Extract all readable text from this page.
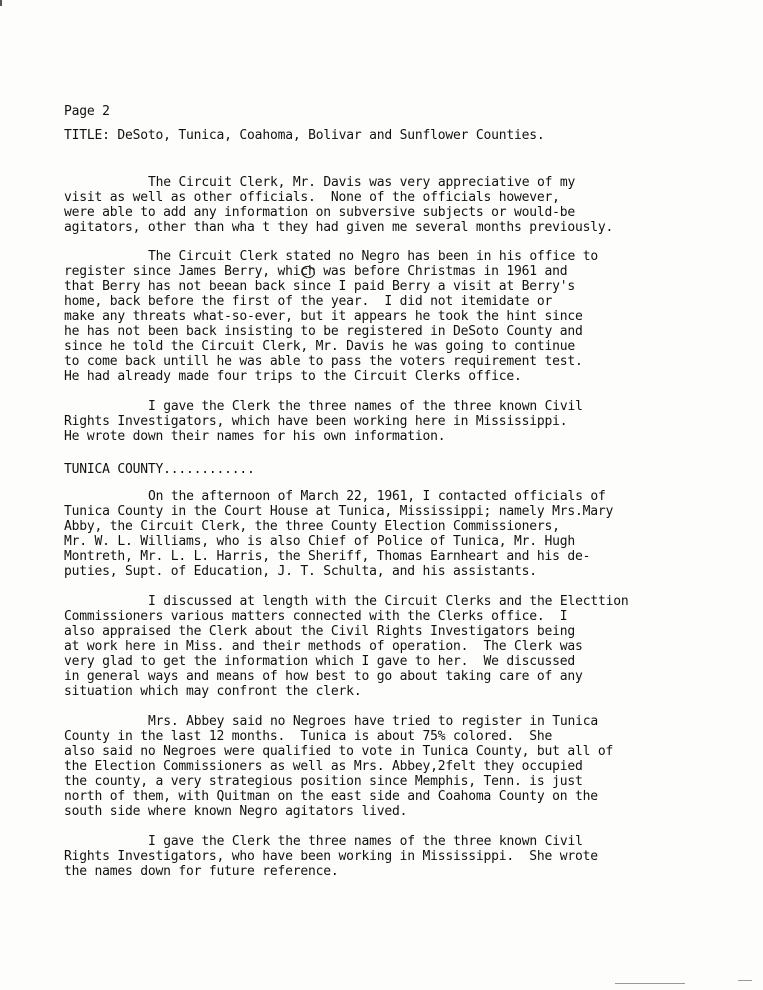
Page 2

TITLE: DeSoto, Tunica, Coahoma, Bolivar and Sunflower Counties.

The Circuit Clerk, Mr. Davis was very appreciative of my

visit as well as other officials.  None of the officials however,

were able to add any information on subversive subjects or would-be

agitators, other than wha t they had given me several months previously.

The Circuit Clerk stated no Negro has been in his office to

register since James Berry, which was before Christmas in 1961 and

that Berry has not beean back since I paid Berry a visit at Berry's

home, back before the first of the year.  I did not itemidate or

make any threats what-so-ever, but it appears he took the hint since

he has not been back insisting to be registered in DeSoto County and

since he told the Circuit Clerk, Mr. Davis he was going to continue

to come back untill he was able to pass the voters requirement test.

He had already made four trips to the Circuit Clerks office.

I gave the Clerk the three names of the three known Civil

Rights Investigators, which have been working here in Mississippi.

He wrote down their names for his own information.

TUNICA COUNTY............

On the afternoon of March 22, 1961, I contacted officials of

Tunica County in the Court House at Tunica, Mississippi; namely Mrs.Mary

Abby, the Circuit Clerk, the three County Election Commissioners,

Mr. W. L. Williams, who is also Chief of Police of Tunica, Mr. Hugh

Montreth, Mr. L. L. Harris, the Sheriff, Thomas Earnheart and his de-

puties, Supt. of Education, J. T. Schulta, and his assistants.

I discussed at length with the Circuit Clerks and the Electtion

Commissioners various matters connected with the Clerks office.  I

also appraised the Clerk about the Civil Rights Investigators being

at work here in Miss. and their methods of operation.  The Clerk was

very glad to get the information which I gave to her.  We discussed

in general ways and means of how best to go about taking care of any

situation which may confront the clerk.

Mrs. Abbey said no Negroes have tried to register in Tunica

County in the last 12 months.  Tunica is about 75% colored.  She

also said no Negroes were qualified to vote in Tunica County, but all of

the Election Commissioners as well as Mrs. Abbey,2felt they occupied

the county, a very strategious position since Memphis, Tenn. is just

north of them, with Quitman on the east side and Coahoma County on the

south side where known Negro agitators lived.

I gave the Clerk the three names of the three known Civil

Rights Investigators, who have been working in Mississippi.  She wrote

the names down for future reference.
